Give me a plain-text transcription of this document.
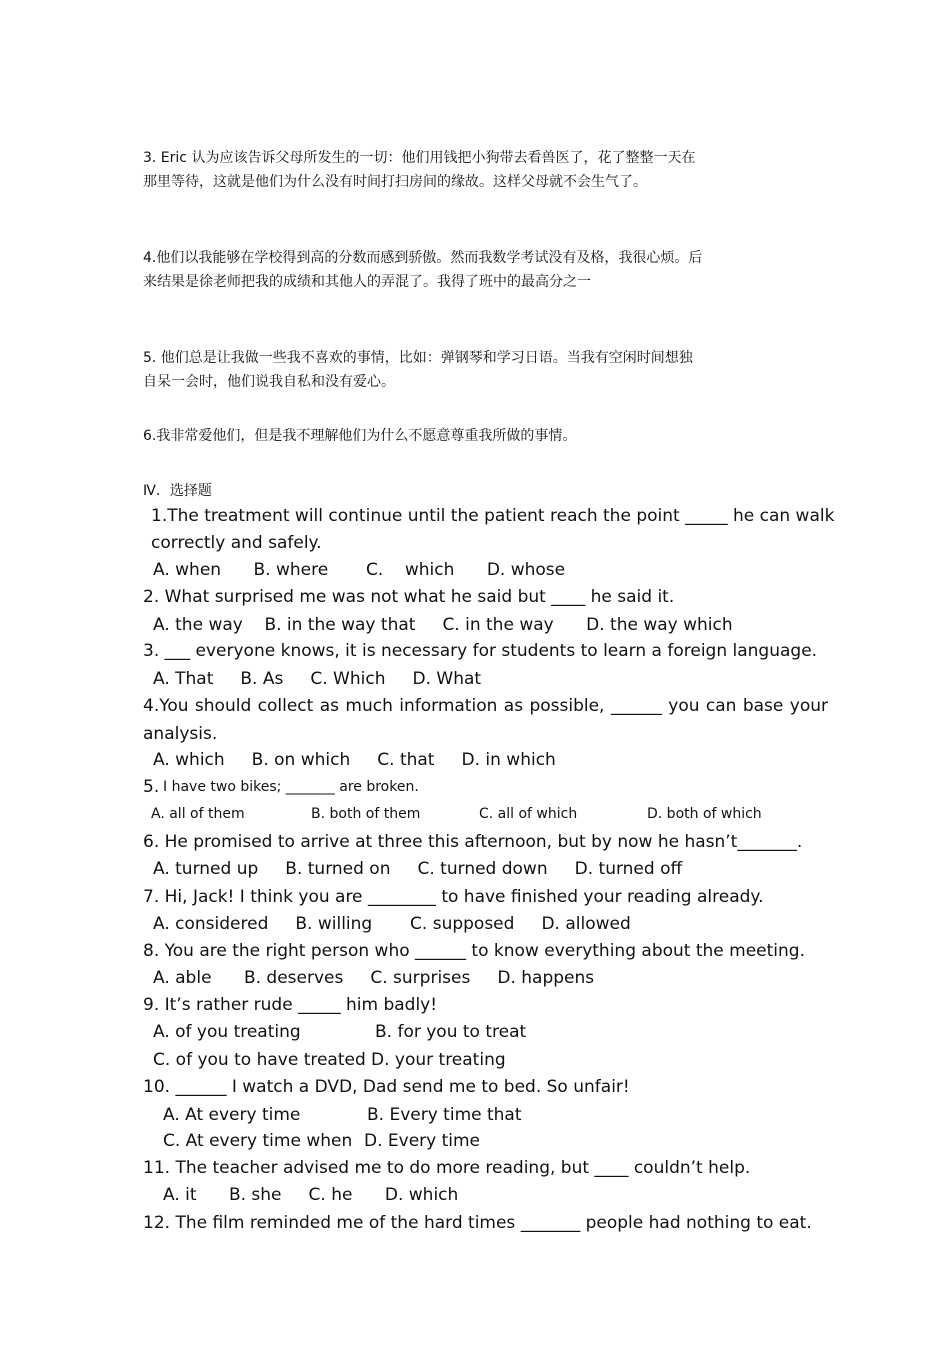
3. Eric 认为应该告诉父母所发生的一切：他们用钱把小狗带去看兽医了，花了整整一天在
那里等待，这就是他们为什么没有时间打扫房间的缘故。这样父母就不会生气了。
4.他们以我能够在学校得到高的分数而感到骄傲。然而我数学考试没有及格，我很心烦。后
来结果是徐老师把我的成绩和其他人的弄混了。我得了班中的最高分之一
5. 他们总是让我做一些我不喜欢的事情，比如：弹钢琴和学习日语。当我有空闲时间想独
自呆一会时，他们说我自私和没有爱心。
6.我非常爱他们，但是我不理解他们为什么不愿意尊重我所做的事情。
Ⅳ．选择题
1.The treatment will continue until the patient reach the point _____ he can walk
correctly and safely.
A. when      B. where       C.    which      D. whose
2. What surprised me was not what he said but ____ he said it.
A. the way    B. in the way that     C. in the way      D. the way which
3. ___ everyone knows, it is necessary for students to learn a foreign language.
A. That     B. As     C. Which     D. What
4.You should collect as much information as possible, ______ you can base your
analysis.
A. which     B. on which     C. that     D. in which
5. I have two bikes; _______ are broken.
A. all of them	B. both of them	C. all of which	D. both of which
6. He promised to arrive at three this afternoon, but by now he hasn’t_______.
A. turned up     B. turned on     C. turned down     D. turned off
7. Hi, Jack! I think you are ________ to have finished your reading already.
A. considered     B. willing       C. supposed     D. allowed
8. You are the right person who ______ to know everything about the meeting.
A. able      B. deserves     C. surprises     D. happens
9. It’s rather rude _____ him badly!
A. of you treating	B. for you to treat
C. of you to have treated D. your treating
10. ______ I watch a DVD, Dad send me to bed. So unfair!
A. At every time	B. Every time that
C. At every time when D. Every time
11. The teacher advised me to do more reading, but ____ couldn’t help.
A. it      B. she     C. he      D. which
12. The film reminded me of the hard times _______ people had nothing to eat.
